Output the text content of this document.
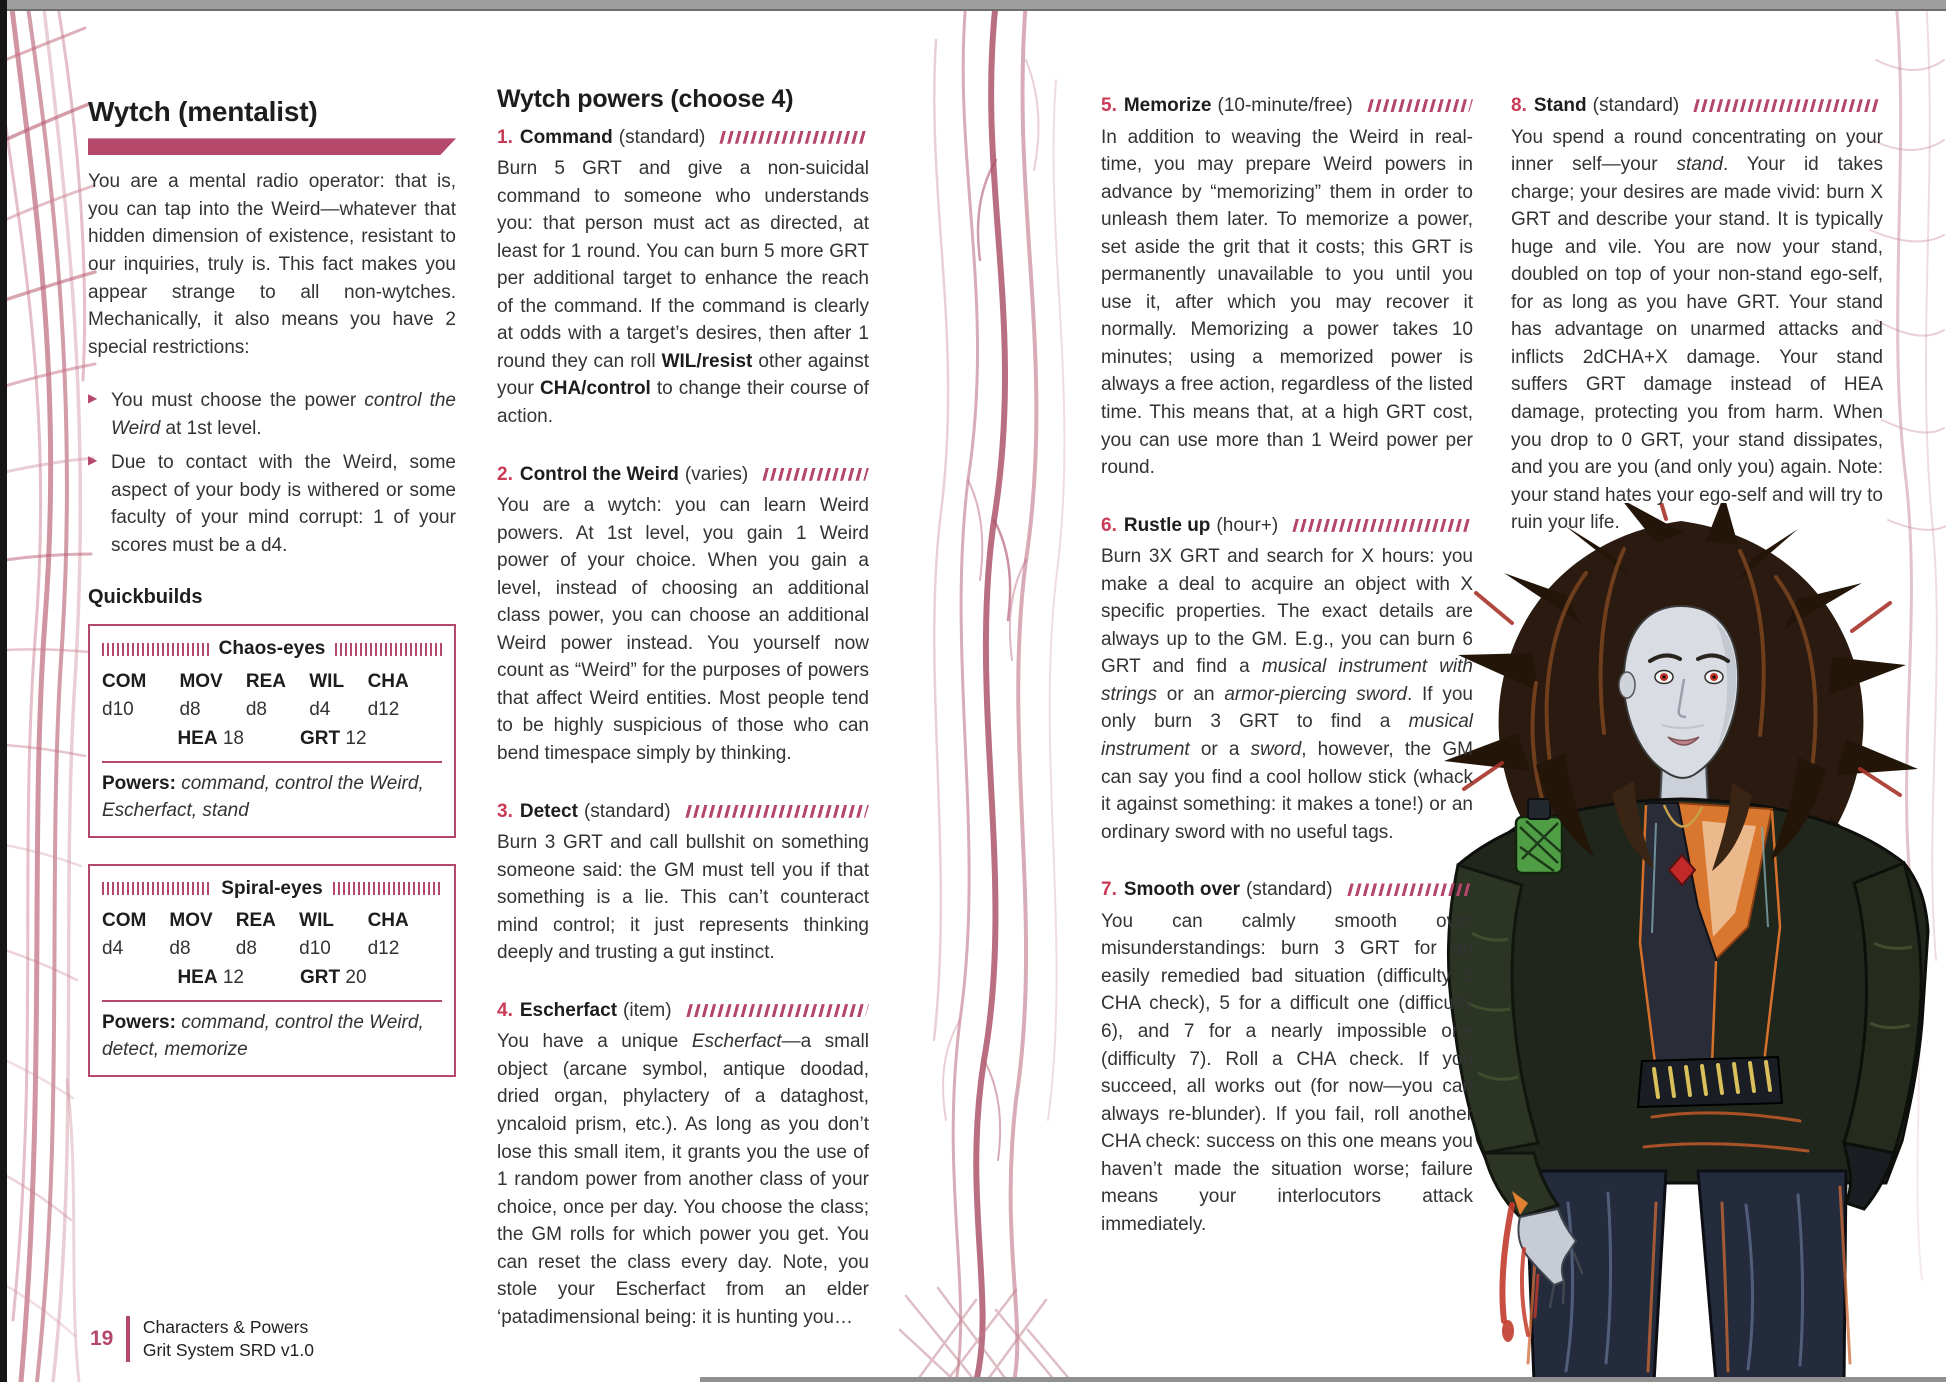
Wytch (mentalist)

You are a mental radio operator: that is, you can tap into the Weird—whatever that hidden dimension of existence, resistant to our inquiries, truly is. This fact makes you appear strange to all non-wytches. Mechanically, it also means you have 2 special restrictions:

▶ You must choose the power control the Weird at 1st level.
▶ Due to contact with the Weird, some aspect of your body is withered or some faculty of your mind corrupt: 1 of your scores must be a d4.
Quickbuilds
Chaos-eyes
COM d10
MOV d8
REA d8
WIL d4
CHA d12
HEA 18	GRT 12

Powers: command, control the Weird, Escherfact, stand

Spiral-eyes
COM d4
MOV d8
REA d8
WIL d10
CHA d12
HEA 12	GRT 20

Powers: command, control the Weird, detect, memorize

Wytch powers (choose 4)
1. Command (standard)

Burn 5 GRT and give a non-suicidal command to someone who understands you: that person must act as directed, at least for 1 round. You can burn 5 more GRT per additional target to enhance the reach of the command. If the command is clearly at odds with a target’s desires, then after 1 round they can roll WIL/resist other against your CHA/control to change their course of action.

2. Control the Weird (varies)

You are a wytch: you can learn Weird powers. At 1st level, you gain 1 Weird power of your choice. When you gain a level, instead of choosing an additional class power, you can choose an additional Weird power instead. You yourself now count as “Weird” for the purposes of powers that affect Weird entities. Most people tend to be highly suspicious of those who can bend timespace simply by thinking.

3. Detect (standard)

Burn 3 GRT and call bullshit on something someone said: the GM must tell you if that something is a lie. This can’t counteract mind control; it just represents thinking deeply and trusting a gut instinct.

4. Escherfact (item)

You have a unique Escherfact—a small object (arcane symbol, antique doodad, dried organ, phylactery of a dataghost, yncaloid prism, etc.). As long as you don’t lose this small item, it grants you the use of 1 random power from another class of your choice, once per day. You choose the class; the GM rolls for which power you get. You can reset the class every day. Note, you stole your Escherfact from an elder ‘patadimensional being: it is hunting you…

5. Memorize (10-minute/free)

In addition to weaving the Weird in real-time, you may prepare Weird powers in advance by “memorizing” them in order to unleash them later. To memorize a power, set aside the grit that it costs; this GRT is permanently unavailable to you until you use it, after which you may recover it normally. Memorizing a power takes 10 minutes; using a memorized power is always a free action, regardless of the listed time. This means that, at a high GRT cost, you can use more than 1 Weird power per round.

6. Rustle up (hour+)

Burn 3X GRT and search for X hours: you make a deal to acquire an object with X specific properties. The exact details are always up to the GM. E.g., you can burn 6 GRT and find a musical instrument with strings or an armor-piercing sword. If you only burn 3 GRT to find a musical instrument or a sword, however, the GM can say you find a cool hollow stick (whack it against something: it makes a tone!) or an ordinary sword with no useful tags.

7. Smooth over (standard)

You can calmly smooth over misunderstandings: burn 3 GRT for an easily remedied bad situation (difficulty 5 CHA check), 5 for a difficult one (difficulty 6), and 7 for a nearly impossible one (difficulty 7). Roll a CHA check. If you succeed, all works out (for now—you can always re-blunder). If you fail, roll another CHA check: success on this one means you haven’t made the situation worse; failure means your interlocutors attack immediately.

8. Stand (standard)

You spend a round concentrating on your inner self—your stand. Your id takes charge; your desires are made vivid: burn X GRT and describe your stand. It is typically huge and vile. You are now your stand, doubled on top of your non-stand ego-self, for as long as you have GRT. Your stand has advantage on unarmed attacks and inflicts 2dCHA+X damage. Your stand suffers GRT damage instead of HEA damage, protecting you from harm. When you drop to 0 GRT, your stand dissipates, and you are you (and only you) again. Note: your stand hates your ego-self and will try to ruin your life.

19
Characters & Powers
Grit System SRD v1.0
